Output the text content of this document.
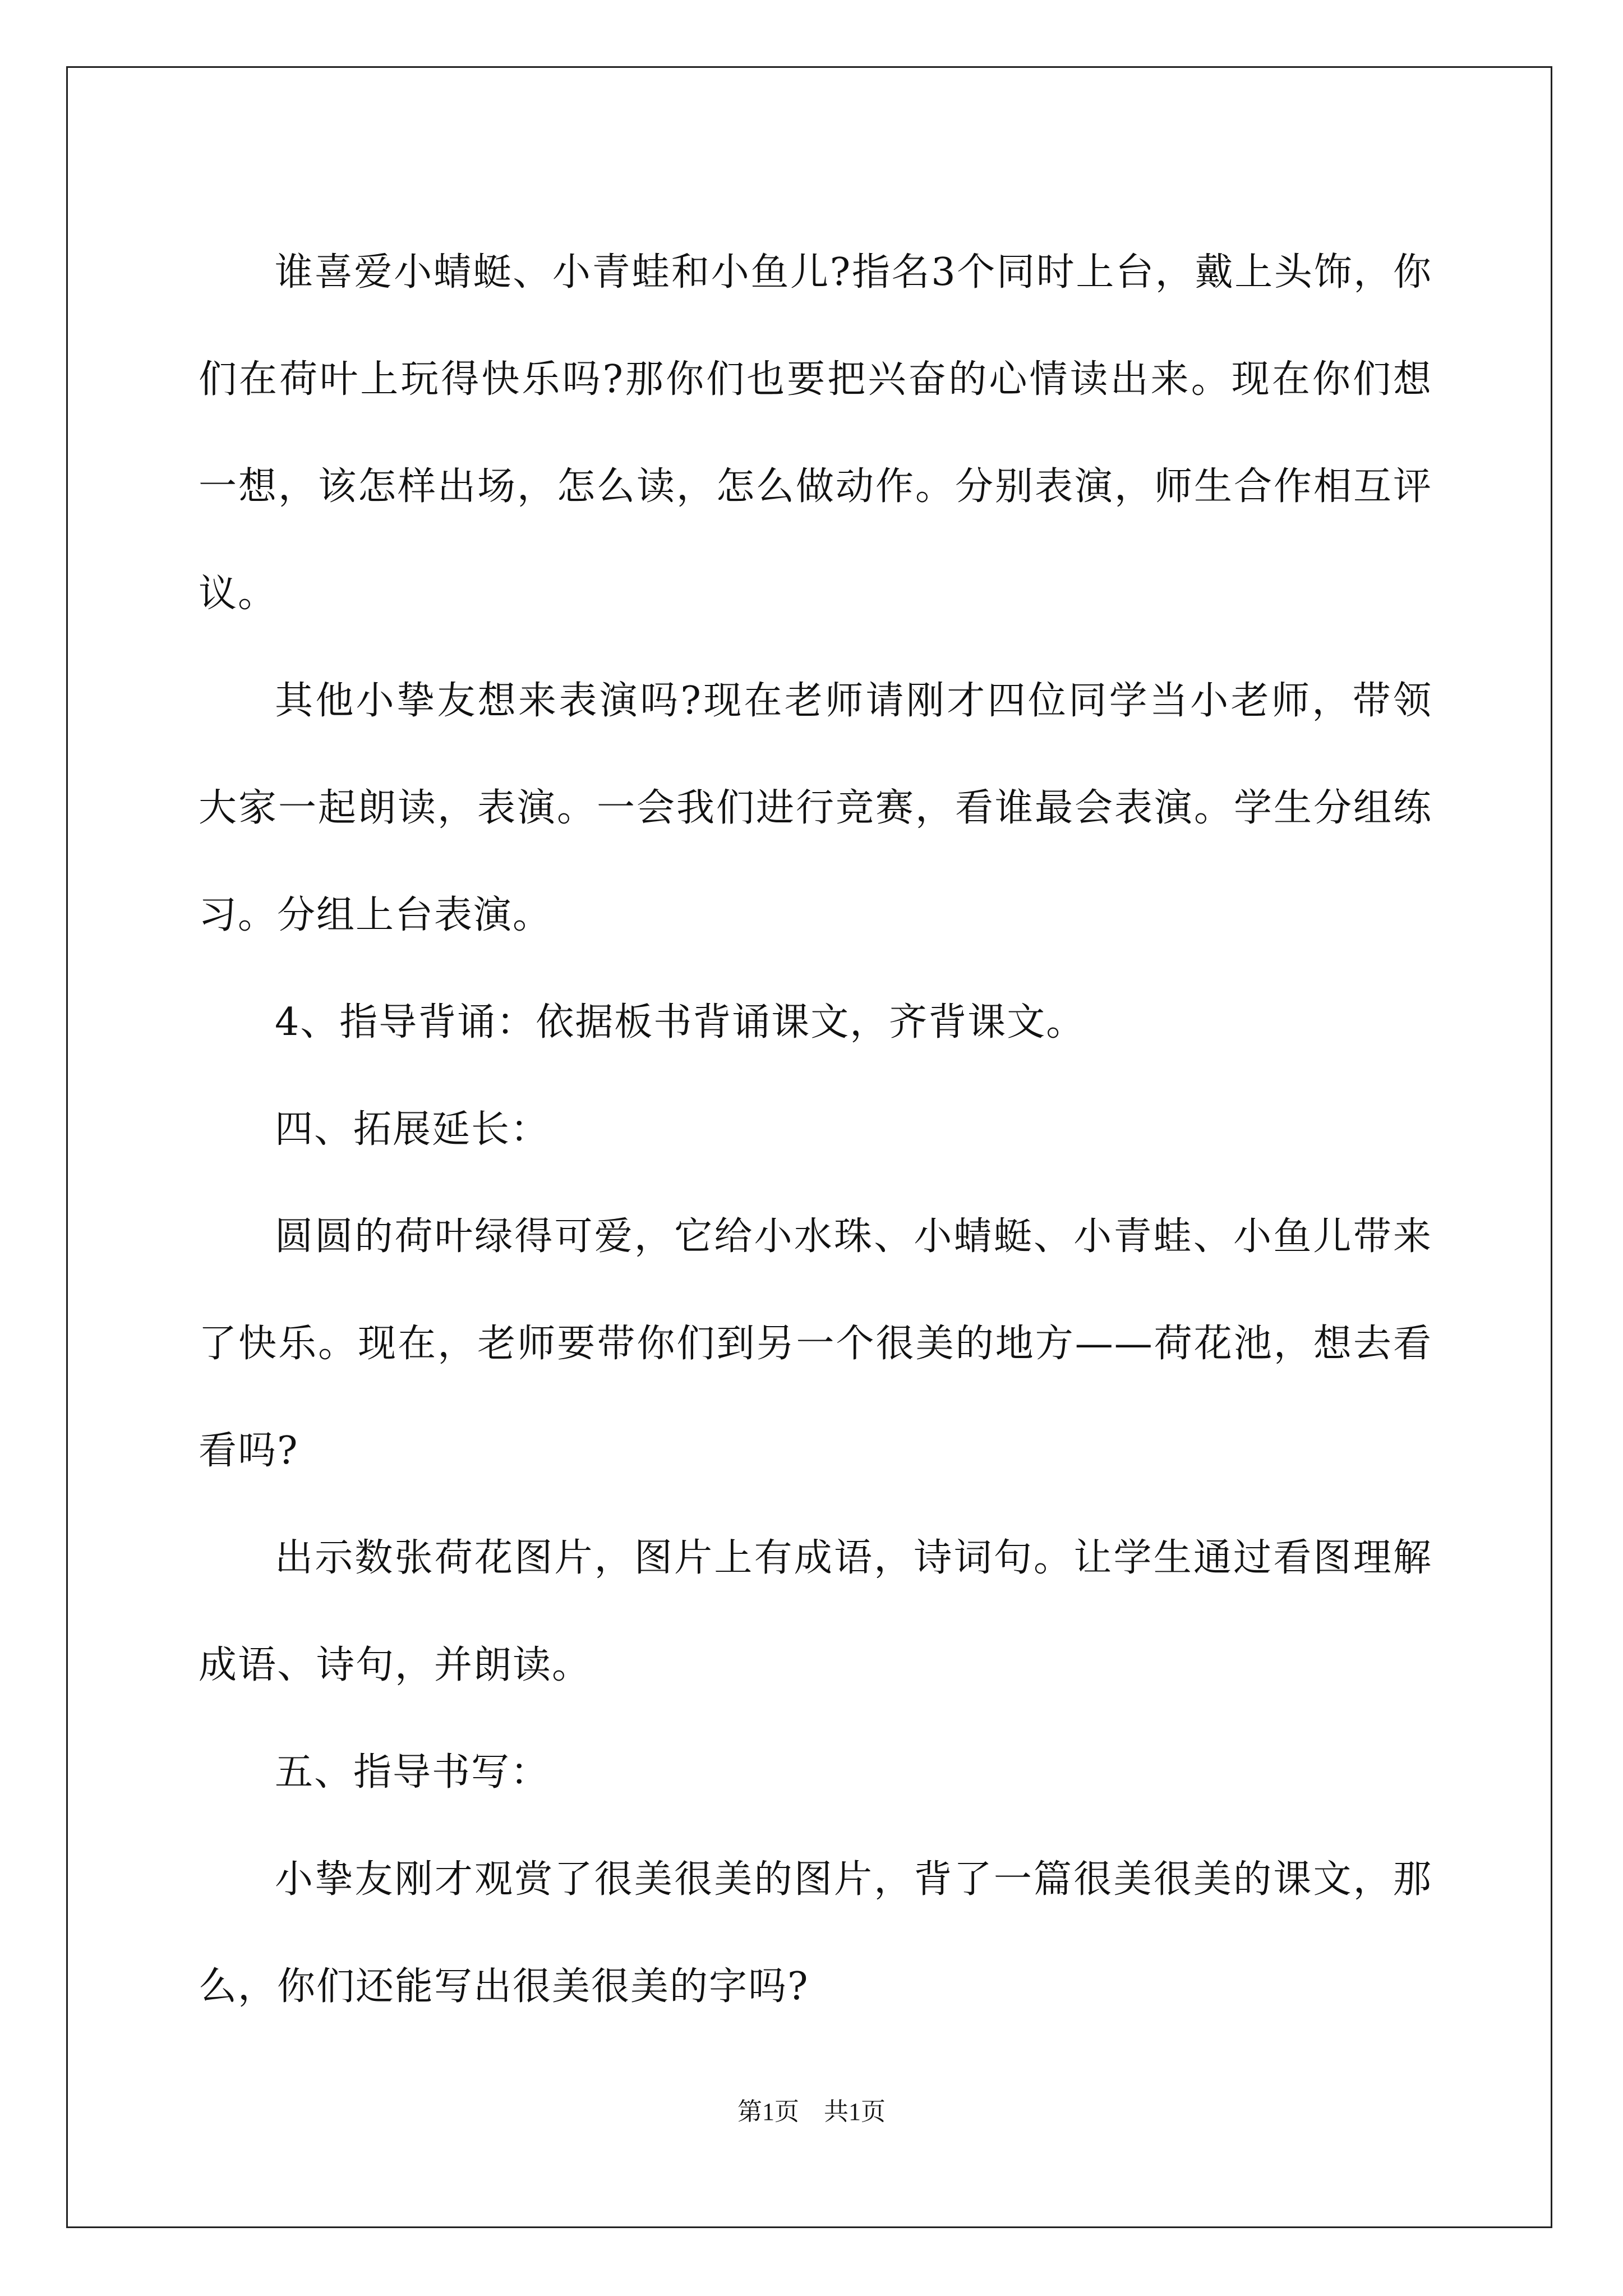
谁喜爱小蜻蜓、小青蛙和小鱼儿?指名3个同时上台，戴上头饰，你们在荷叶上玩得快乐吗?那你们也要把兴奋的心情读出来。现在你们想一想，该怎样出场，怎么读，怎么做动作。分别表演，师生合作相互评议。

其他小挚友想来表演吗?现在老师请刚才四位同学当小老师，带领大家一起朗读，表演。一会我们进行竞赛，看谁最会表演。学生分组练习。分组上台表演。

4、指导背诵：依据板书背诵课文，齐背课文。

四、拓展延长：

圆圆的荷叶绿得可爱，它给小水珠、小蜻蜓、小青蛙、小鱼儿带来了快乐。现在，老师要带你们到另一个很美的地方——荷花池，想去看看吗?

出示数张荷花图片，图片上有成语，诗词句。让学生通过看图理解成语、诗句，并朗读。

五、指导书写：

小挚友刚才观赏了很美很美的图片，背了一篇很美很美的课文，那么，你们还能写出很美很美的字吗?

第1页　共1页
